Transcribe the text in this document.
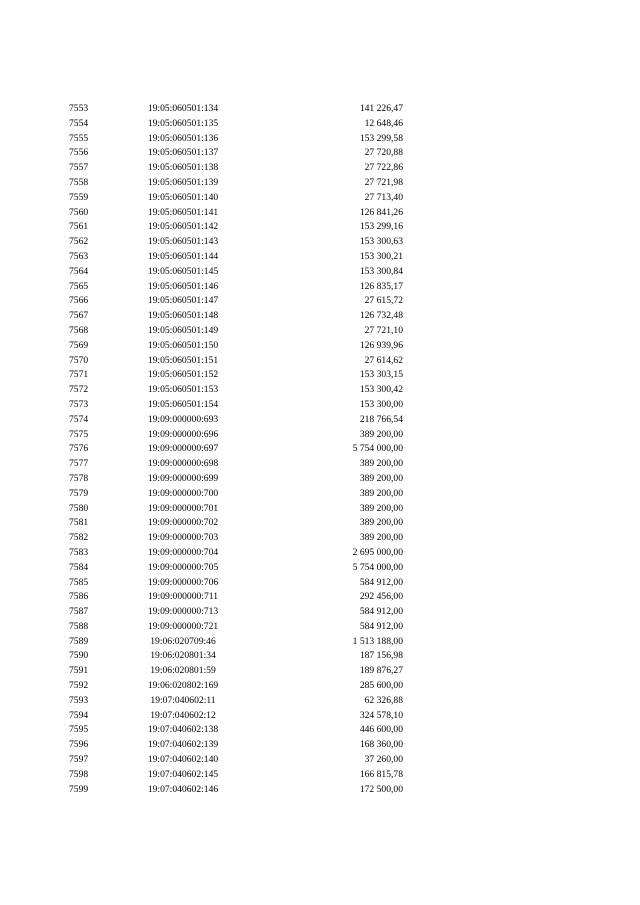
7553	19:05:060501:134	141 226,47
7554	19:05:060501:135	12 648,46
7555	19:05:060501:136	153 299,58
7556	19:05:060501:137	27 720,88
7557	19:05:060501:138	27 722,86
7558	19:05:060501:139	27 721,98
7559	19:05:060501:140	27 713,40
7560	19:05:060501:141	126 841,26
7561	19:05:060501:142	153 299,16
7562	19:05:060501:143	153 300,63
7563	19:05:060501:144	153 300,21
7564	19:05:060501:145	153 300,84
7565	19:05:060501:146	126 835,17
7566	19:05:060501:147	27 615,72
7567	19:05:060501:148	126 732,48
7568	19:05:060501:149	27 721,10
7569	19:05:060501:150	126 939,96
7570	19:05:060501:151	27 614,62
7571	19:05:060501:152	153 303,15
7572	19:05:060501:153	153 300,42
7573	19:05:060501:154	153 300,00
7574	19:09:000000:693	218 766,54
7575	19:09:000000:696	389 200,00
7576	19:09:000000:697	5 754 000,00
7577	19:09:000000:698	389 200,00
7578	19:09:000000:699	389 200,00
7579	19:09:000000:700	389 200,00
7580	19:09:000000:701	389 200,00
7581	19:09:000000:702	389 200,00
7582	19:09:000000:703	389 200,00
7583	19:09:000000:704	2 695 000,00
7584	19:09:000000:705	5 754 000,00
7585	19:09:000000:706	584 912,00
7586	19:09:000000:711	292 456,00
7587	19:09:000000:713	584 912,00
7588	19:09:000000:721	584 912,00
7589	19:06:020709:46	1 513 188,00
7590	19:06:020801:34	187 156,98
7591	19:06:020801:59	189 876,27
7592	19:06:020802:169	285 600,00
7593	19:07:040602:11	62 326,88
7594	19:07:040602:12	324 578,10
7595	19:07:040602:138	446 600,00
7596	19:07:040602:139	168 360,00
7597	19:07:040602:140	37 260,00
7598	19:07:040602:145	166 815,78
7599	19:07:040602:146	172 500,00
